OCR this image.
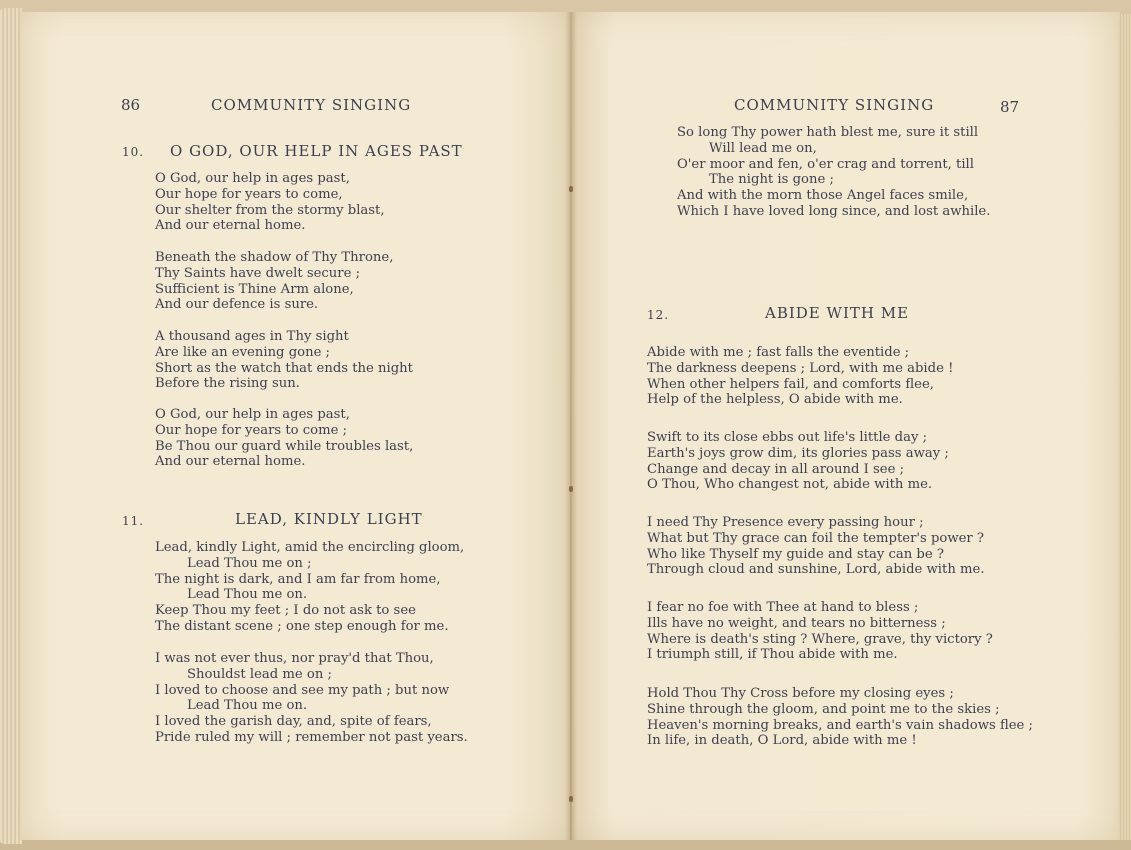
86	COMMUNITY SINGING
10. O GOD, OUR HELP IN AGES PAST
O God, our help in ages past,
Our hope for years to come,
Our shelter from the stormy blast,
And our eternal home.
Beneath the shadow of Thy Throne,
Thy Saints have dwelt secure ;
Sufficient is Thine Arm alone,
And our defence is sure.
A thousand ages in Thy sight
Are like an evening gone ;
Short as the watch that ends the night
Before the rising sun.
O God, our help in ages past,
Our hope for years to come ;
Be Thou our guard while troubles last,
And our eternal home.
11.	LEAD, KINDLY LIGHT
Lead, kindly Light, amid the encircling gloom,
Lead Thou me on ;
The night is dark, and I am far from home,
Lead Thou me on.
Keep Thou my feet ; I do not ask to see
The distant scene ; one step enough for me.
I was not ever thus, nor pray'd that Thou,
Shouldst lead me on ;
I loved to choose and see my path ; but now
Lead Thou me on.
I loved the garish day, and, spite of fears,
Pride ruled my will ; remember not past years.
COMMUNITY SINGING	87
So long Thy power hath blest me, sure it still
Will lead me on,
O'er moor and fen, o'er crag and torrent, till
The night is gone ;
And with the morn those Angel faces smile,
Which I have loved long since, and lost awhile.
12.	ABIDE WITH ME
Abide with me ; fast falls the eventide ;
The darkness deepens ; Lord, with me abide !
When other helpers fail, and comforts flee,
Help of the helpless, O abide with me.
Swift to its close ebbs out life's little day ;
Earth's joys grow dim, its glories pass away ;
Change and decay in all around I see ;
O Thou, Who changest not, abide with me.
I need Thy Presence every passing hour ;
What but Thy grace can foil the tempter's power ?
Who like Thyself my guide and stay can be ?
Through cloud and sunshine, Lord, abide with me.
I fear no foe with Thee at hand to bless ;
Ills have no weight, and tears no bitterness ;
Where is death's sting ? Where, grave, thy victory ?
I triumph still, if Thou abide with me.
Hold Thou Thy Cross before my closing eyes ;
Shine through the gloom, and point me to the skies ;
Heaven's morning breaks, and earth's vain shadows flee ;
In life, in death, O Lord, abide with me !
